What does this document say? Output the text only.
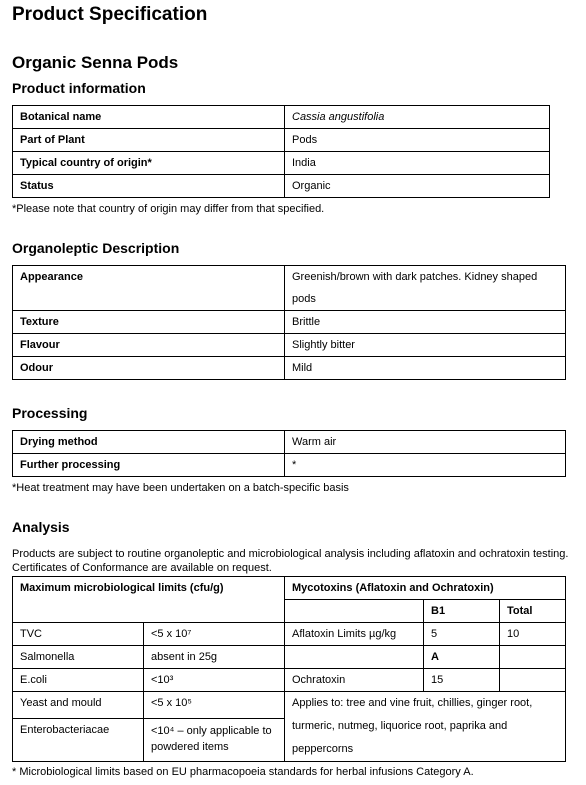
Product Specification
Organic Senna Pods
Product information
Botanical name	Cassia angustifolia
Part of Plant	Pods
Typical country of origin*	India
Status	Organic
*Please note that country of origin may differ from that specified.
Organoleptic Description
Appearance	Greenish/brown with dark patches. Kidney shaped pods
Texture	Brittle
Flavour	Slightly bitter
Odour	Mild
Processing
Drying method	Warm air
Further processing	*
*Heat treatment may have been undertaken on a batch-specific basis
Analysis
Products are subject to routine organoleptic and microbiological analysis including aflatoxin and ochratoxin testing. Certificates of Conformance are available on request.
Maximum microbiological limits (cfu/g)		Mycotoxins (Aflatoxin and Ochratoxin)		
			B1	Total
TVC	<5 x 10⁷	Aflatoxin Limits µg/kg	5	10
Salmonella	absent in 25g		A	
E.coli	<10³	Ochratoxin	15	
Yeast and mould	<5 x 10⁵	Applies to: tree and vine fruit, chillies, ginger root, turmeric, nutmeg, liquorice root, paprika and peppercorns		
Enterobacteriacae	<10⁴ – only applicable to powdered items			
* Microbiological limits based on EU pharmacopoeia standards for herbal infusions Category A.
